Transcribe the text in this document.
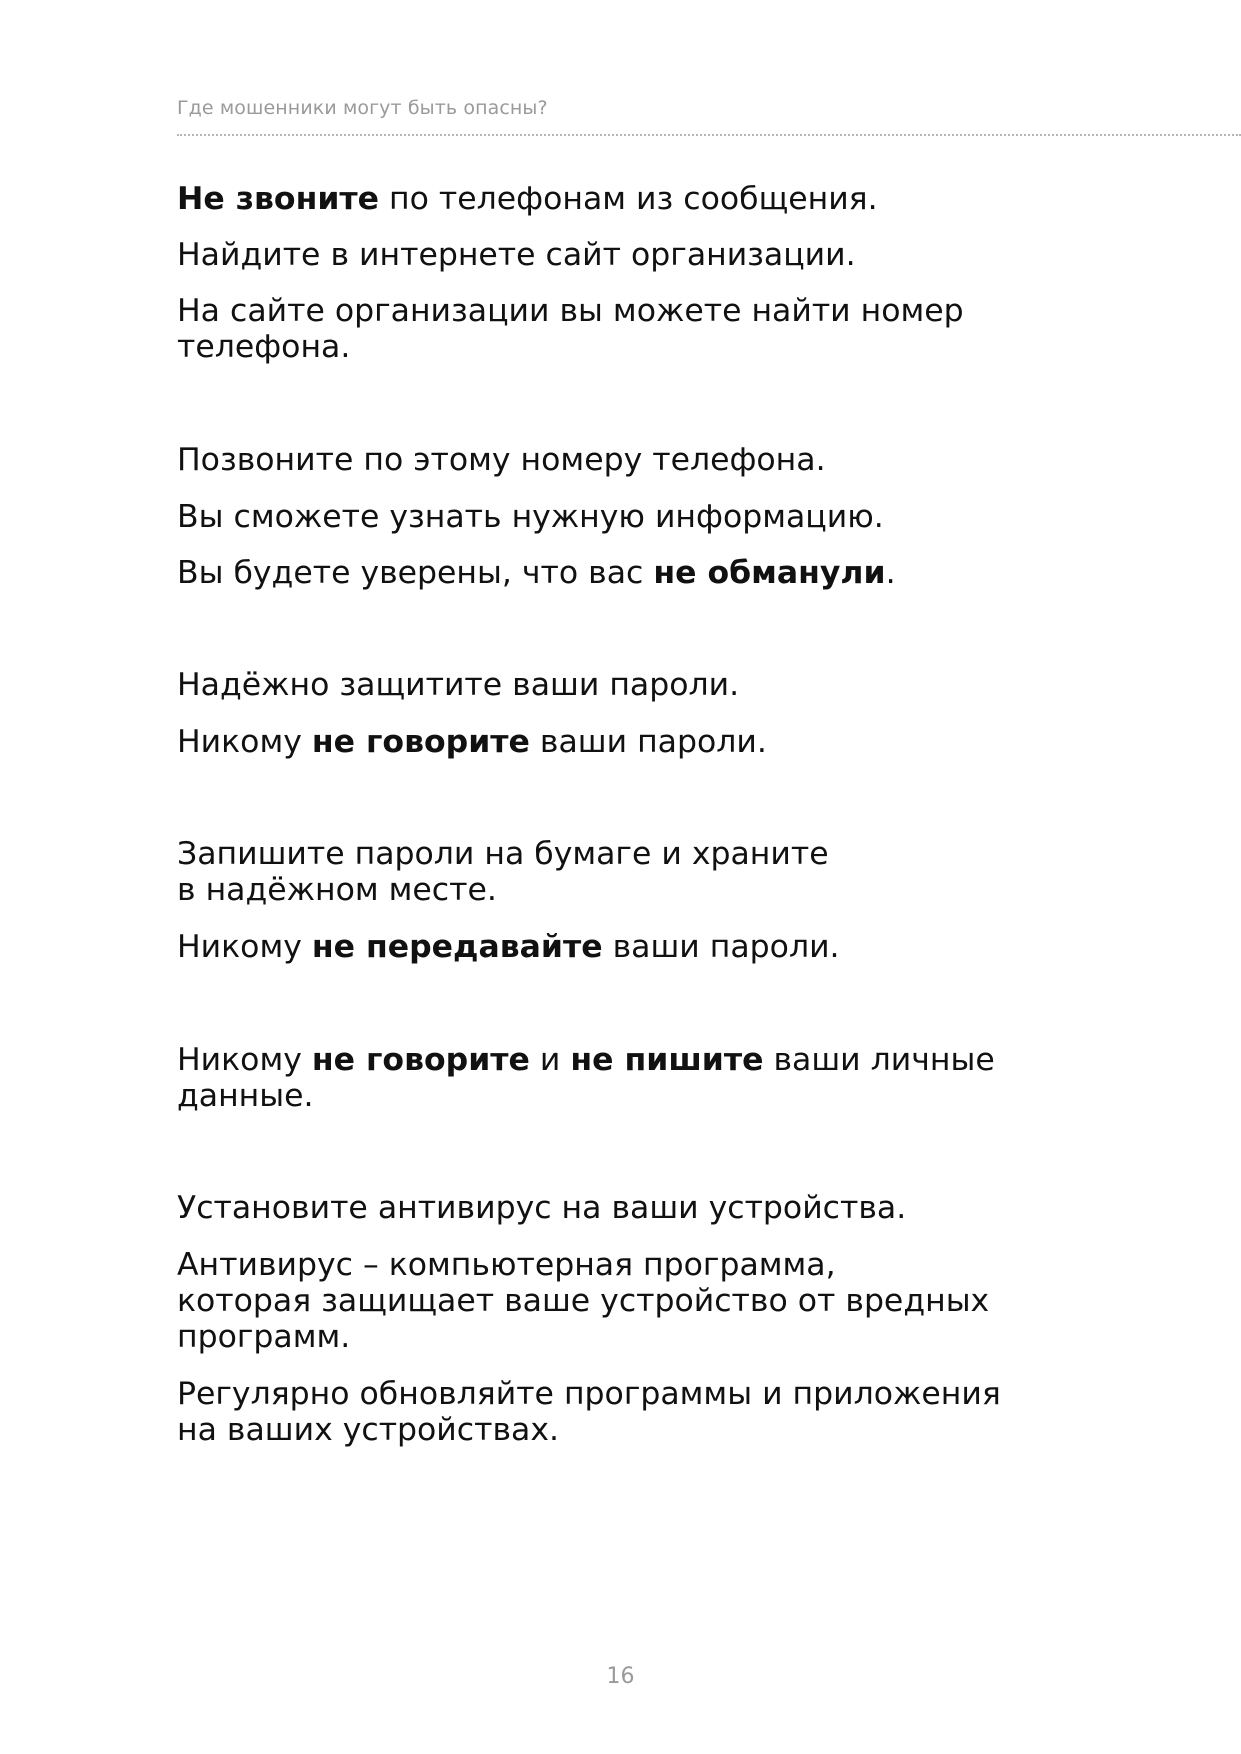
Где мошенники могут быть опасны?

Не звоните по телефонам из сообщения.

Найдите в интернете сайт организации.

На сайте организации вы можете найти номер

телефона.

Позвоните по этому номеру телефона.

Вы сможете узнать нужную информацию.

Вы будете уверены, что вас не обманули.

Надёжно защитите ваши пароли.

Никому не говорите ваши пароли.

Запишите пароли на бумаге и храните

в надёжном месте.

Никому не передавайте ваши пароли.

Никому не говорите и не пишите ваши личные

данные.

Установите антивирус на ваши устройства.

Антивирус – компьютерная программа,

которая защищает ваше устройство от вредных

программ.

Регулярно обновляйте программы и приложения

на ваших устройствах.

16
